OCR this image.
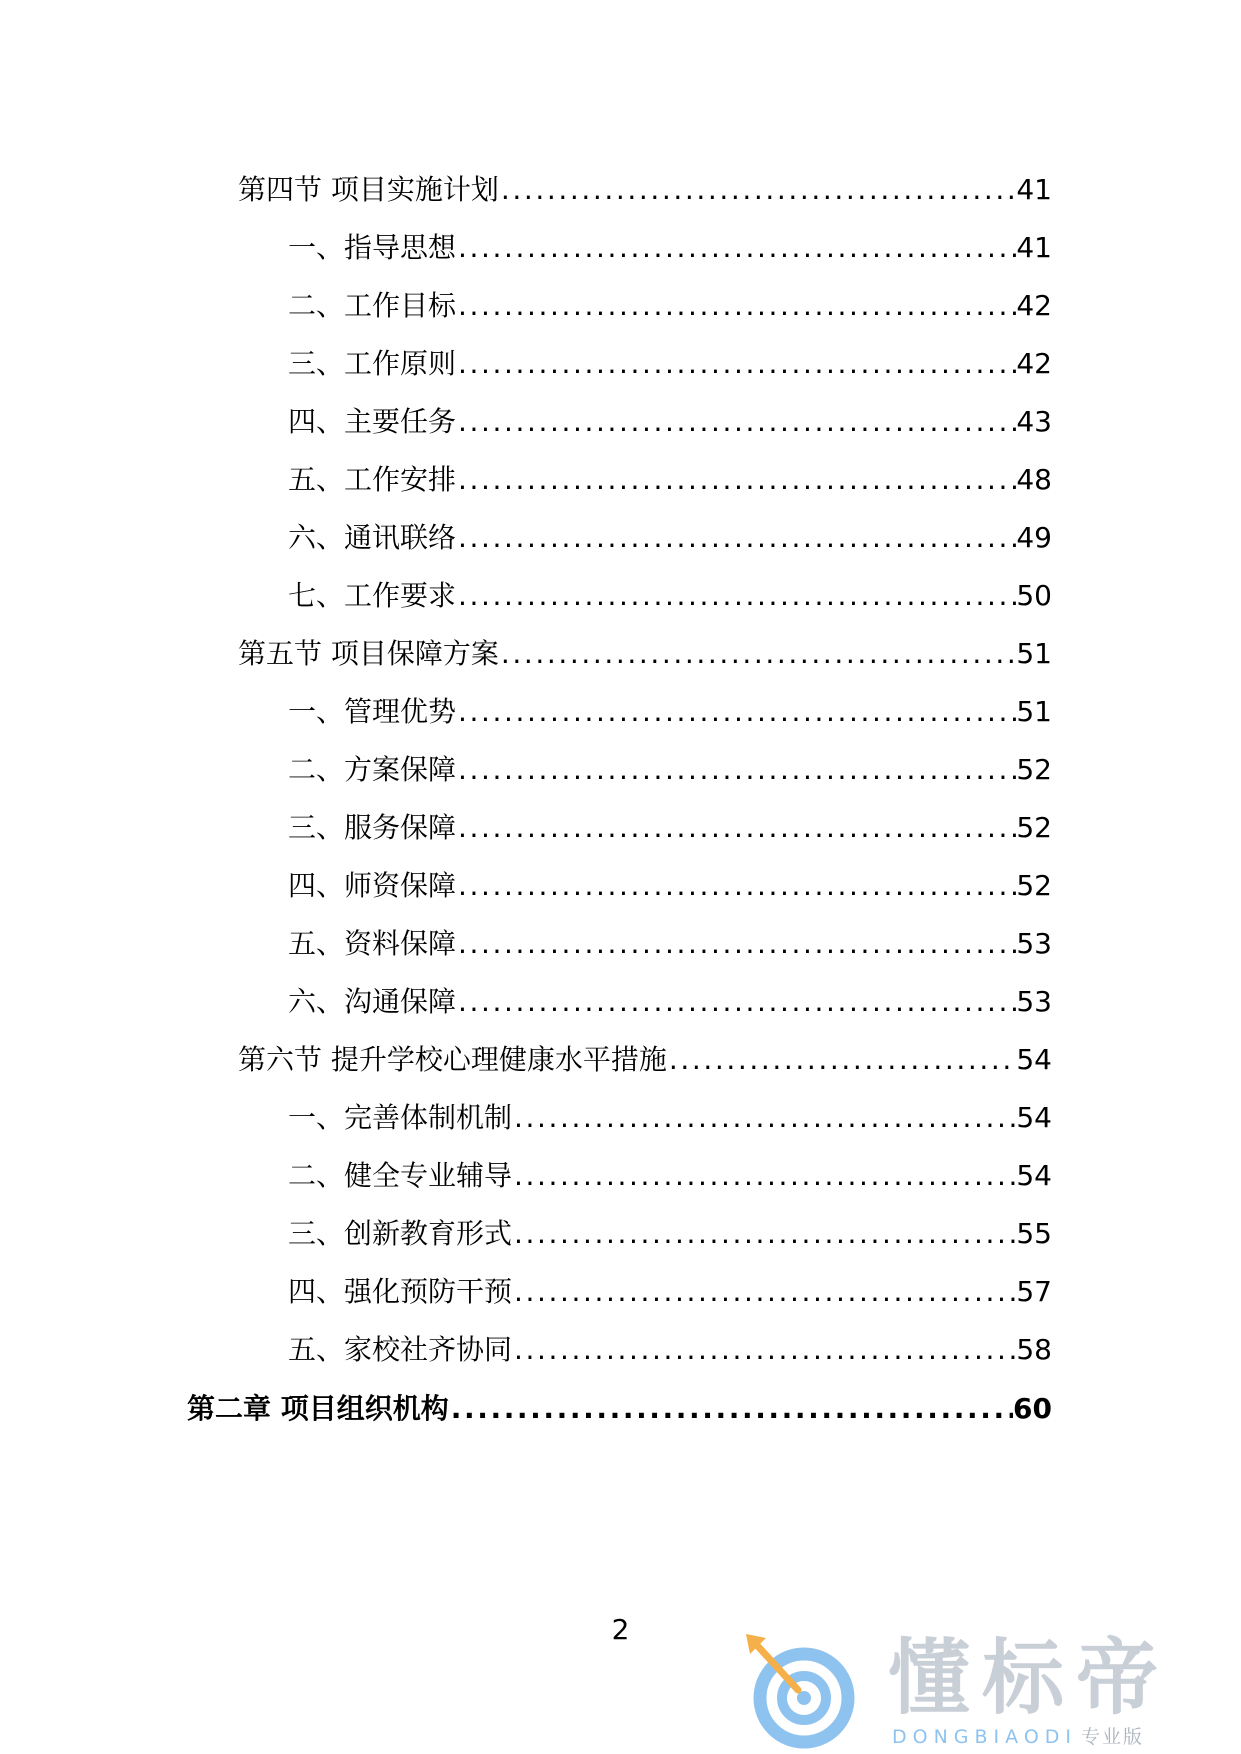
第四节 项目实施计划 .....	41
一、指导思想 .....	41
二、工作目标 .....	42
三、工作原则 .....	42
四、主要任务 .....	43
五、工作安排 .....	48
六、通讯联络 .....	49
七、工作要求 .....	50
第五节 项目保障方案 .....	51
一、管理优势 .....	51
二、方案保障 .....	52
三、服务保障 .....	52
四、师资保障 .....	52
五、资料保障 .....	53
六、沟通保障 .....	53
第六节 提升学校心理健康水平措施 .....	54
一、完善体制机制 .....	54
二、健全专业辅导 .....	54
三、创新教育形式 .....	55
四、强化预防干预 .....	57
五、家校社齐协同 .....	58
第二章 项目组织机构 .....	60
2
懂标帝
DONGBIAODI 专业版
